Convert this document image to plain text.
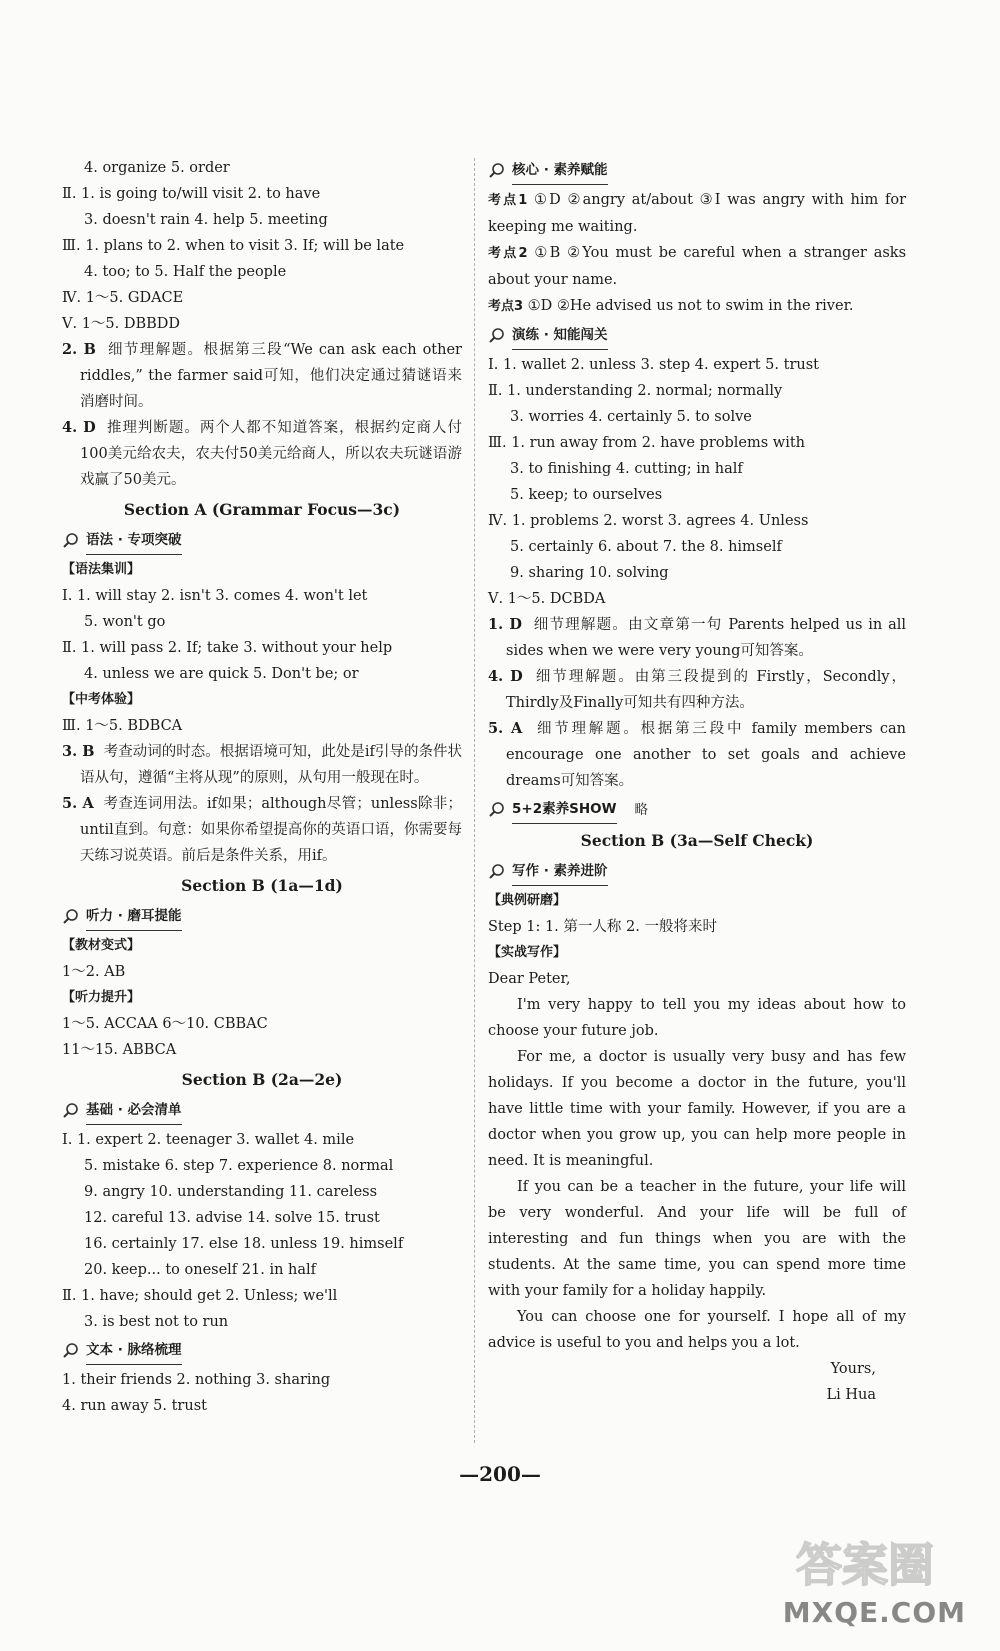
4. organize 5. order
Ⅱ. 1. is going to/will visit 2. to have
3. doesn't rain 4. help 5. meeting
Ⅲ. 1. plans to 2. when to visit 3. If; will be late
4. too; to 5. Half the people
Ⅳ. 1～5. GDACE
Ⅴ. 1～5. DBBDD
2. B 细节理解题。根据第三段“We can ask each other riddles,” the farmer said可知，他们决定通过猜谜语来消磨时间。
4. D 推理判断题。两个人都不知道答案，根据约定商人付100美元给农夫，农夫付50美元给商人，所以农夫玩谜语游戏赢了50美元。
Section A (Grammar Focus—3c)
语法 · 专项突破
【语法集训】
Ⅰ. 1. will stay 2. isn't 3. comes 4. won't let
5. won't go
Ⅱ. 1. will pass 2. If; take 3. without your help
4. unless we are quick 5. Don't be; or
【中考体验】
Ⅲ. 1～5. BDBCA
3. B 考查动词的时态。根据语境可知，此处是if引导的条件状语从句，遵循“主将从现”的原则，从句用一般现在时。
5. A 考查连词用法。if如果；although尽管；unless除非；until直到。句意：如果你希望提高你的英语口语，你需要每天练习说英语。前后是条件关系，用if。
Section B (1a—1d)
听力 · 磨耳提能
【教材变式】
1～2. AB
【听力提升】
1～5. ACCAA 6～10. CBBAC
11～15. ABBCA
Section B (2a—2e)
基础 · 必会清单
Ⅰ. 1. expert 2. teenager 3. wallet 4. mile
5. mistake 6. step 7. experience 8. normal
9. angry 10. understanding 11. careless
12. careful 13. advise 14. solve 15. trust
16. certainly 17. else 18. unless 19. himself
20. keep... to oneself 21. in half
Ⅱ. 1. have; should get 2. Unless; we'll
3. is best not to run
文本 · 脉络梳理
1. their friends 2. nothing 3. sharing
4. run away 5. trust
核心 · 素养赋能
考点1 ①D ②angry at/about ③I was angry with him for keeping me waiting.
考点2 ①B ②You must be careful when a stranger asks about your name.
考点3 ①D ②He advised us not to swim in the river.
演练 · 知能闯关
Ⅰ. 1. wallet 2. unless 3. step 4. expert 5. trust
Ⅱ. 1. understanding 2. normal; normally
3. worries 4. certainly 5. to solve
Ⅲ. 1. run away from 2. have problems with
3. to finishing 4. cutting; in half
5. keep; to ourselves
Ⅳ. 1. problems 2. worst 3. agrees 4. Unless
5. certainly 6. about 7. the 8. himself
9. sharing 10. solving
Ⅴ. 1～5. DCBDA
1. D 细节理解题。由文章第一句 Parents helped us in all sides when we were very young可知答案。
4. D 细节理解题。由第三段提到的 Firstly，Secondly，Thirdly及Finally可知共有四种方法。
5. A 细节理解题。根据第三段中 family members can encourage one another to set goals and achieve dreams可知答案。
5+2素养SHOW 略
Section B (3a—Self Check)
写作 · 素养进阶
【典例研磨】
Step 1: 1. 第一人称 2. 一般将来时
【实战写作】
Dear Peter,
I'm very happy to tell you my ideas about how to choose your future job.
For me, a doctor is usually very busy and has few holidays. If you become a doctor in the future, you'll have little time with your family. However, if you are a doctor when you grow up, you can help more people in need. It is meaningful.
If you can be a teacher in the future, your life will be very wonderful. And your life will be full of interesting and fun things when you are with the students. At the same time, you can spend more time with your family for a holiday happily.
You can choose one for yourself. I hope all of my advice is useful to you and helps you a lot.
Yours,
Li Hua
—200—
答案圈
MXQE.COM
